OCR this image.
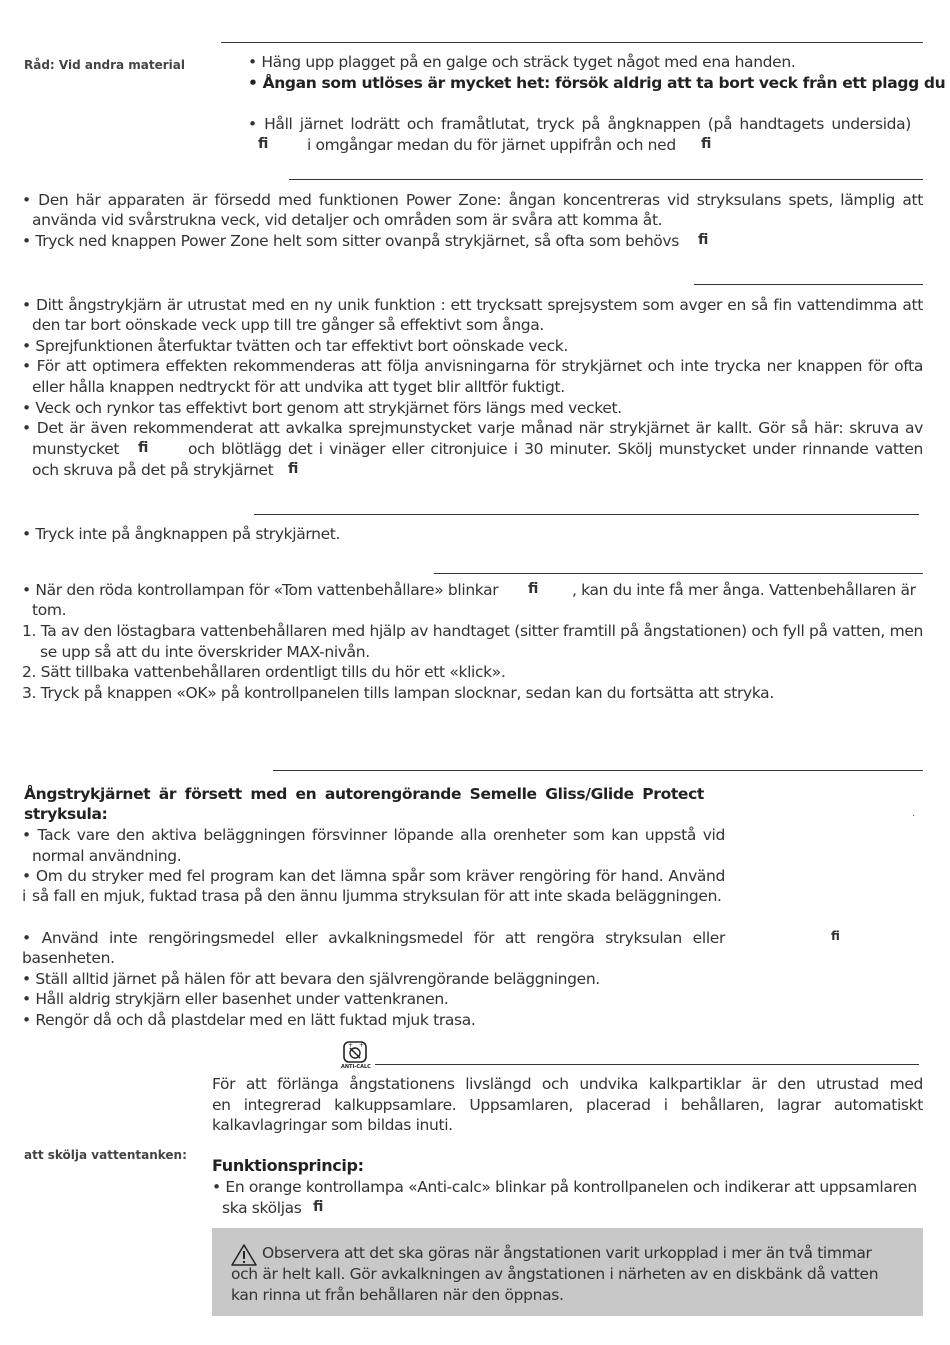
Råd: Vid andra material	• Häng upp plagget på en galge och sträck tyget något med ena handen.
• Ångan som utlöses är mycket het: försök aldrig att ta bort veck från ett plagg du
• Håll järnet lodrätt och framåtlutat, tryck på ångknappen (på handtagets undersida)
ﬁ i omgångar medan du för järnet uppifrån och ned ﬁ
• Den här apparaten är försedd med funktionen Power Zone: ångan koncentreras vid stryksulans spets, lämplig att
använda vid svårstrukna veck, vid detaljer och områden som är svåra att komma åt.
• Tryck ned knappen Power Zone helt som sitter ovanpå strykjärnet, så ofta som behövs ﬁ
• Ditt ångstrykjärn är utrustat med en ny unik funktion : ett trycksatt sprejsystem som avger en så fin vattendimma att
den tar bort oönskade veck upp till tre gånger så effektivt som ånga.
• Sprejfunktionen återfuktar tvätten och tar effektivt bort oönskade veck.
• För att optimera effekten rekommenderas att följa anvisningarna för strykjärnet och inte trycka ner knappen för ofta
eller hålla knappen nedtryckt för att undvika att tyget blir alltför fuktigt.
• Veck och rynkor tas effektivt bort genom att strykjärnet förs längs med vecket.
• Det är även rekommenderat att avkalka sprejmunstycket varje månad när strykjärnet är kallt. Gör så här: skruva av
munstycket ﬁ	och blötlägg det i vinäger eller citronjuice i 30 minuter. Skölj munstycket under rinnande vatten
och skruva på det på strykjärnet ﬁ
• Tryck inte på ångknappen på strykjärnet.
• När den röda kontrollampan för «Tom vattenbehållare» blinkar ﬁ , kan du inte få mer ånga. Vattenbehållaren är
tom.
1. Ta av den löstagbara vattenbehållaren med hjälp av handtaget (sitter framtill på ångstationen) och fyll på vatten, men
se upp så att du inte överskrider MAX-nivån.
2. Sätt tillbaka vattenbehållaren ordentligt tills du hör ett «klick».
3. Tryck på knappen «OK» på kontrollpanelen tills lampan slocknar, sedan kan du fortsätta att stryka.
Ångstrykjärnet är försett med en autorengörande Semelle Gliss/Glide Protect
stryksula:
• Tack vare den aktiva beläggningen försvinner löpande alla orenheter som kan uppstå vid
normal användning.
• Om du stryker med fel program kan det lämna spår som kräver rengöring för hand. Använd i så fall en mjuk, fuktad trasa på den ännu ljumma stryksulan för att inte skada beläggningen.
• Använd inte rengöringsmedel eller avkalkningsmedel för att rengöra stryksulan eller
basenheten.
• Ställ alltid järnet på hälen för att bevara den självrengörande beläggningen.
• Håll aldrig strykjärn eller basenhet under vattenkranen.
• Rengör då och då plastdelar med en lätt fuktad mjuk trasa.
.
ﬁ
+ +
ANTI-CALC
För att förlänga ångstationens livslängd och undvika kalkpartiklar är den utrustad med
en integrerad kalkuppsamlare. Uppsamlaren, placerad i behållaren, lagrar automatiskt
kalkavlagringar som bildas inuti.
att skölja vattentanken:
Funktionsprincip:
• En orange kontrollampa «Anti-calc» blinkar på kontrollpanelen och indikerar att uppsamlaren
ska sköljas ﬁ
Observera att det ska göras när ångstationen varit urkopplad i mer än två timmar
och är helt kall. Gör avkalkningen av ångstationen i närheten av en diskbänk då vatten
kan rinna ut från behållaren när den öppnas.
